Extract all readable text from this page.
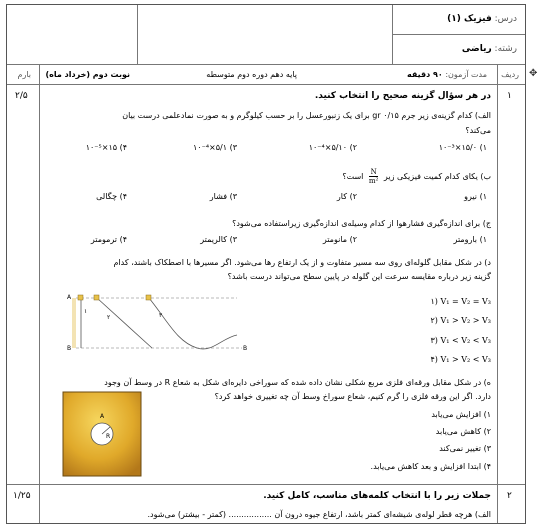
✥
درس: فیزیک (۱)
رشته: ریاضی
ردیف
مدت آزمون: ۹۰ دقیقه
پایه دهم دوره دوم متوسطه
نوبت دوم (خرداد ماه)
بارم
۱
۲/۵	در هر سؤال گزینه صحیح را انتخاب کنید.
الف) کدام گزینه‌ی زیر جرم ۰/۱۵ gr برای یک زنبورعسل را بر حسب کیلوگرم و به صورت نمادعلمی درست بیان
می‌کند؟
۱) ۱۵/۰×۱۰⁻³
۲) ۵/۱۰×۱۰⁻⁴
۳) ۵/۱×۱۰⁻⁴
۴) ۱۵×۱۰⁻⁵
ب) یکای کدام کمیت فیزیکی زیر
$\frac{N}{\text{m²}}$
است؟
۱) نیرو
۲) کار
۳) فشار
۴) چگالی
ج) برای اندازه‌گیری فشارهوا از کدام وسیله‌ی اندازه‌گیری زیراستفاده می‌شود؟
۱) بارومتر
۲) مانومتر
۳) کالریمتر
۴) ترمومتر
د) در شکل مقابل گلوله‌ای روی سه مسیر متفاوت و از یک ارتفاع رها می‌شود. اگر مسیرها با اصطکاک باشند، کدام
گزینه زیر درباره مقایسه سرعت این گلوله در پایین سطح می‌تواند درست باشد؟
A
B	B
۱
۲	۳
۱) V₁ = V₂ = V₃
۲) V₁ > V₂ > V₃
۳) V₁ < V₂ < V₃
۴) V₁ > V₂ < V₃
ه) در شکل مقابل ورقه‌ای فلزی مربع شکلی نشان داده شده که سوراخی دایره‌ای شکل به شعاع R در وسط آن وجود
دارد. اگر این ورقه فلزی را گرم کنیم، شعاع سوراخ وسط آن چه تغییری خواهد کرد؟
A
R
۱) افزایش می‌یابد
۲) کاهش می‌یابد
۳) تغییر نمی‌کند
۴) ابتدا افزایش و بعد کاهش می‌یابد.
۲
۱/۲۵	جملات زیر را با انتخاب کلمه‌های مناسب، کامل کنید.
الف) هرچه قطر لوله‌ی شیشه‌ای کمتر باشد، ارتفاع جیوه درون آن ................. (کمتر - بیشتر) می‌شود.
